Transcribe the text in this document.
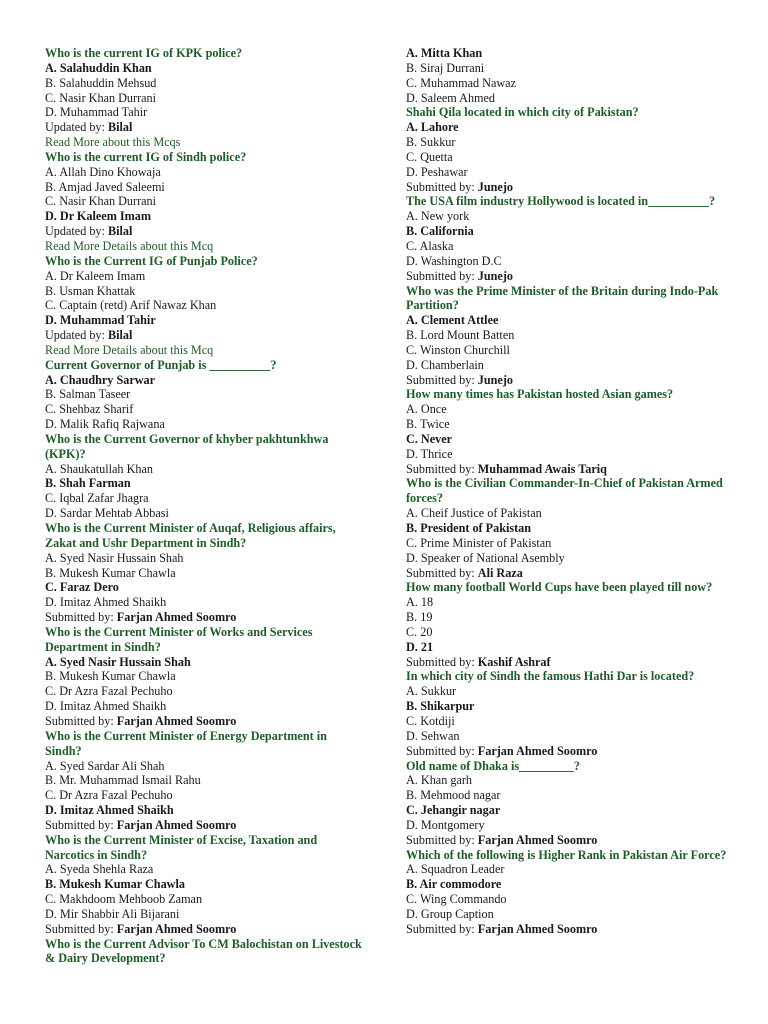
Who is the current IG of KPK police?
A. Salahuddin Khan
B. Salahuddin Mehsud
C. Nasir Khan Durrani
D. Muhammad Tahir
Updated by: Bilal
Read More about this Mcqs
Who is the current IG of Sindh police?
A. Allah Dino Khowaja
B. Amjad Javed Saleemi
C. Nasir Khan Durrani
D. Dr Kaleem Imam
Updated by: Bilal
Read More Details about this Mcq
Who is the Current IG of Punjab Police?
A. Dr Kaleem Imam
B. Usman Khattak
C. Captain (retd) Arif Nawaz Khan
D. Muhammad Tahir
Updated by: Bilal
Read More Details about this Mcq
Current Governor of Punjab is __________?
A. Chaudhry Sarwar
B. Salman Taseer
C. Shehbaz Sharif
D. Malik Rafiq Rajwana
Who is the Current Governor of khyber pakhtunkhwa (KPK)?
A. Shaukatullah Khan
B. Shah Farman
C. Iqbal Zafar Jhagra
D. Sardar Mehtab Abbasi
Who is the Current Minister of Auqaf, Religious affairs, Zakat and Ushr Department in Sindh?
A. Syed Nasir Hussain Shah
B. Mukesh Kumar Chawla
C. Faraz Dero
D. Imitaz Ahmed Shaikh
Submitted by: Farjan Ahmed Soomro
Who is the Current Minister of Works and Services Department in Sindh?
A. Syed Nasir Hussain Shah
B. Mukesh Kumar Chawla
C. Dr Azra Fazal Pechuho
D. Imitaz Ahmed Shaikh
Submitted by: Farjan Ahmed Soomro
Who is the Current Minister of Energy Department in Sindh?
A. Syed Sardar Ali Shah
B. Mr. Muhammad Ismail Rahu
C. Dr Azra Fazal Pechuho
D. Imitaz Ahmed Shaikh
Submitted by: Farjan Ahmed Soomro
Who is the Current Minister of Excise, Taxation and Narcotics in Sindh?
A. Syeda Shehla Raza
B. Mukesh Kumar Chawla
C. Makhdoom Mehboob Zaman
D. Mir Shabbir Ali Bijarani
Submitted by: Farjan Ahmed Soomro
Who is the Current Advisor To CM Balochistan on Livestock & Dairy Development?
A. Mitta Khan
B. Siraj Durrani
C. Muhammad Nawaz
D. Saleem Ahmed
Shahi Qila located in which city of Pakistan?
A. Lahore
B. Sukkur
C. Quetta
D. Peshawar
Submitted by: Junejo
The USA film industry Hollywood is located in__________?
A. New york
B. California
C. Alaska
D. Washington D.C
Submitted by: Junejo
Who was the Prime Minister of the Britain during Indo-Pak Partition?
A. Clement Attlee
B. Lord Mount Batten
C. Winston Churchill
D. Chamberlain
Submitted by: Junejo
How many times has Pakistan hosted Asian games?
A. Once
B. Twice
C. Never
D. Thrice
Submitted by: Muhammad Awais Tariq
Who is the Civilian Commander-In-Chief of Pakistan Armed forces?
A. Cheif Justice of Pakistan
B. President of Pakistan
C. Prime Minister of Pakistan
D. Speaker of National Asembly
Submitted by: Ali Raza
How many football World Cups have been played till now?
A. 18
B. 19
C. 20
D. 21
Submitted by: Kashif Ashraf
In which city of Sindh the famous Hathi Dar is located?
A. Sukkur
B. Shikarpur
C. Kotdiji
D. Sehwan
Submitted by: Farjan Ahmed Soomro
Old name of Dhaka is_________?
A. Khan garh
B. Mehmood nagar
C. Jehangir nagar
D. Montgomery
Submitted by: Farjan Ahmed Soomro
Which of the following is Higher Rank in Pakistan Air Force?
A. Squadron Leader
B. Air commodore
C. Wing Commando
D. Group Caption
Submitted by: Farjan Ahmed Soomro
